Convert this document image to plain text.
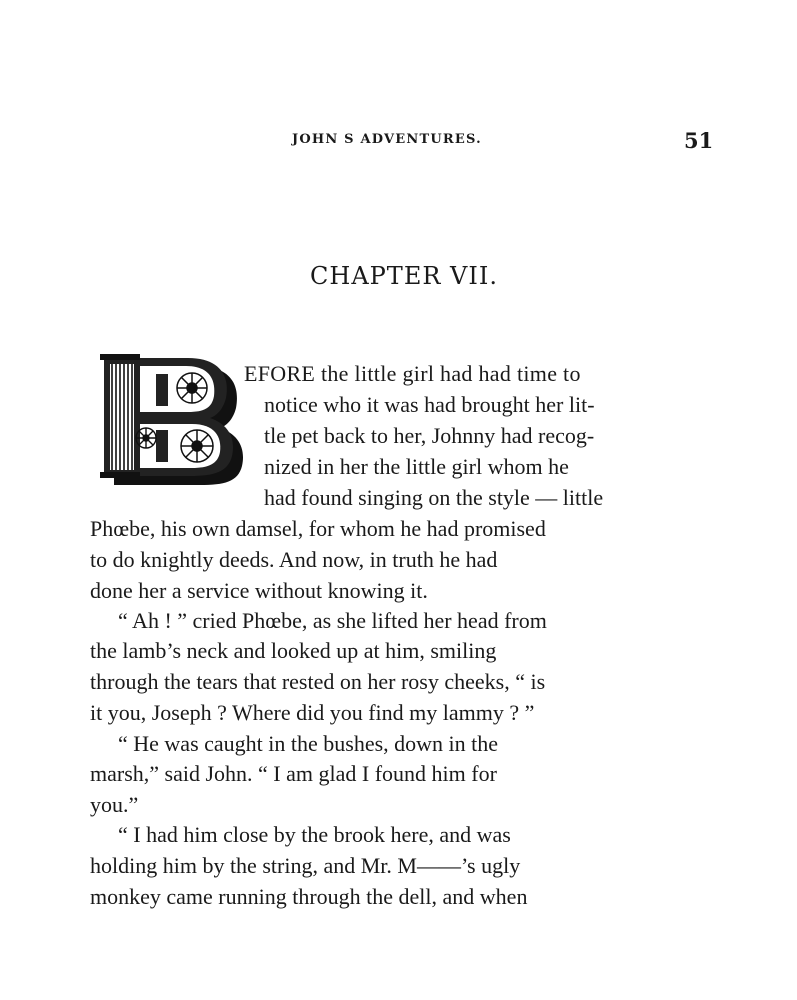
JOHN S ADVENTURES.	51
CHAPTER VII.
EFORE the little girl had had time to
notice who it was had brought her lit-
tle pet back to her, Johnny had recog-
nized in her the little girl whom he
had found singing on the style — little
Phœbe, his own damsel, for whom he had promised
to do knightly deeds. And now, in truth he had
done her a service without knowing it.
“ Ah ! ” cried Phœbe, as she lifted her head from
the lamb’s neck and looked up at him, smiling
through the tears that rested on her rosy cheeks, “ is
it you, Joseph ? Where did you find my lammy ? ”
“ He was caught in the bushes, down in the
marsh,” said John. “ I am glad I found him for
you.”
“ I had him close by the brook here, and was
holding him by the string, and Mr. M——’s ugly
monkey came running through the dell, and when
